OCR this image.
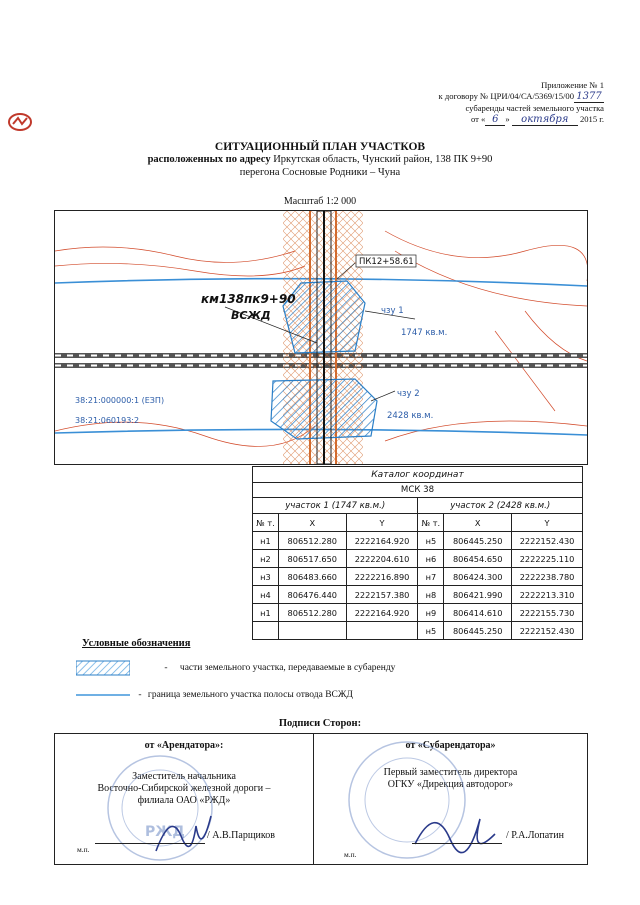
Приложение № 1
к договору № ЦРИ/04/СА/5369/15/00 1377
субаренды частей земельного участка
от « 6 » октября 2015 г.
СИТУАЦИОННЫЙ ПЛАН УЧАСТКОВ
расположенных по адресу Иркутская область, Чунский район, 138 ПК 9+90
перегона Сосновые Родники – Чуна
Масштаб 1:2 000
ПК12+58.61
км138пк9+90
ВСЖД	чзу 1
1747 кв.м.
чзу 2
2428 кв.м.
38:21:000000:1 (ЕЗП)
38:21:060193:2
Каталог координат					
МСК 38					
участок 1 (1747 кв.м.)			участок 2 (2428 кв.м.)		
№ т.	X	Y	№ т.	X	Y
н1	806512.280	2222164.920	н5	806445.250	2222152.430
н2	806517.650	2222204.610	н6	806454.650	2222225.110
н3	806483.660	2222216.890	н7	806424.300	2222238.780
н4	806476.440	2222157.380	н8	806421.990	2222213.310
н1	806512.280	2222164.920	н9	806414.610	2222155.730
			н5	806445.250	2222152.430
Условные обозначения
- части земельного участка, передаваемые в субаренду
- граница земельного участка полосы отвода ВСЖД
Подписи Сторон:
от «Арендатора»:
РЖД
Заместитель начальника
Восточно-Сибирской железной дороги –
филиала ОАО «РЖД»
/ А.В.Парщиков
м.п.
от «Субарендатора»
Первый заместитель директора
ОГКУ «Дирекция автодорог»
/ Р.А.Лопатин
м.п.
